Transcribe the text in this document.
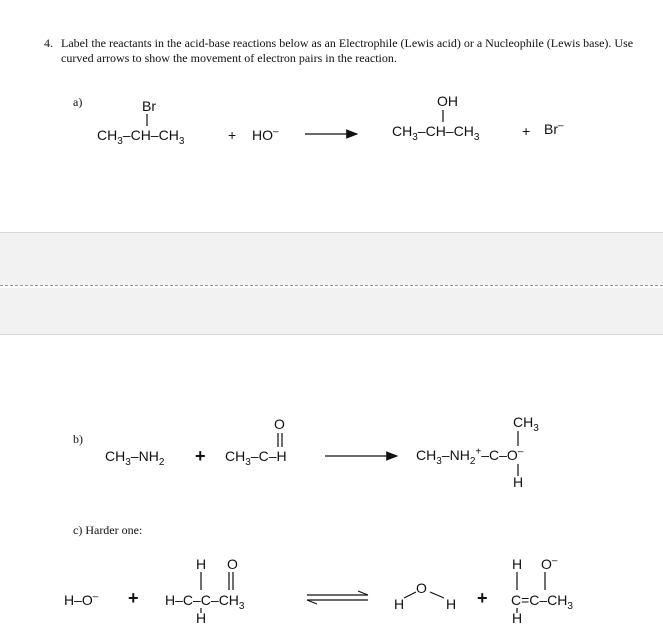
4. Label the reactants in the acid-base reactions below as an Electrophile (Lewis acid) or a Nucleophile (Lewis base). Use curved arrows to show the movement of electron pairs in the reaction.
a)	Br
$CH_3-CH-CH_3$	+ HO–
OH
$CH_3-CH-CH_3$	+ Br–
b)
$CH_3-NH_2$ +
O
$CH_3-C-H$
$CH_3$
$CH_3-NH_2^+-C-O^-$
H
c) Harder one:
H–O– +
H O
$H-C-C-CH_3$
H
H
O
H +
H O–
$C=C-CH_3$
H
